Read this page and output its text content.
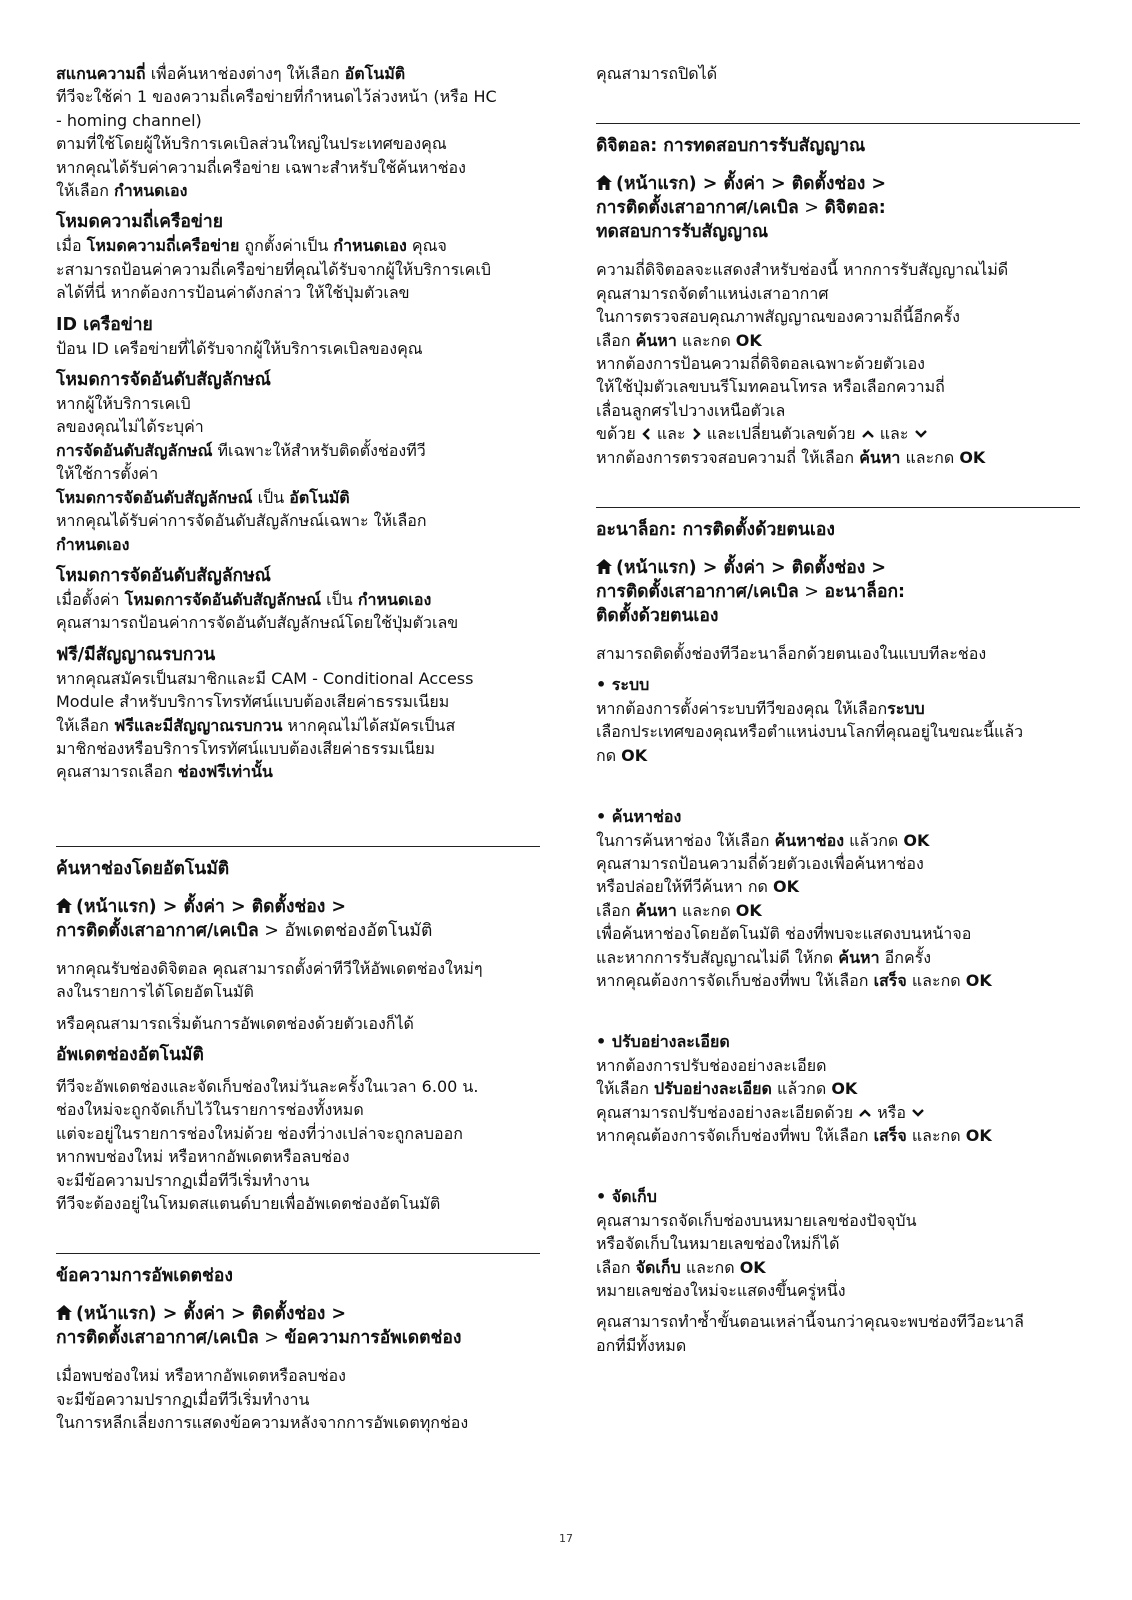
สแกนความถี่ เพื่อค้นหาช่องต่างๆ ให้เลือก อัตโนมัติ

ทีวีจะใช้ค่า 1 ของความถี่เครือข่ายที่กำหนดไว้ล่วงหน้า (หรือ HC

- homing channel)

ตามที่ใช้โดยผู้ให้บริการเคเบิลส่วนใหญ่ในประเทศของคุณ

หากคุณได้รับค่าความถี่เครือข่าย เฉพาะสำหรับใช้ค้นหาช่อง

ให้เลือก กำหนดเอง

โหมดความถี่เครือข่าย

เมื่อ โหมดความถี่เครือข่าย ถูกตั้งค่าเป็น กำหนดเอง คุณจ

ะสามารถป้อนค่าความถี่เครือข่ายที่คุณได้รับจากผู้ให้บริการเคเบิ

ลได้ที่นี่ หากต้องการป้อนค่าดังกล่าว ให้ใช้ปุ่มตัวเลข

ID เครือข่าย

ป้อน ID เครือข่ายที่ได้รับจากผู้ให้บริการเคเบิลของคุณ

โหมดการจัดอันดับสัญลักษณ์

หากผู้ให้บริการเคเบิ

ลของคุณไม่ได้ระบุค่า

การจัดอันดับสัญลักษณ์ ทีเฉพาะให้สำหรับติดตั้งช่องทีวี

ให้ใช้การตั้งค่า

โหมดการจัดอันดับสัญลักษณ์ เป็น อัตโนมัติ

หากคุณได้รับค่าการจัดอันดับสัญลักษณ์เฉพาะ ให้เลือก

กำหนดเอง

โหมดการจัดอันดับสัญลักษณ์

เมื่อตั้งค่า โหมดการจัดอันดับสัญลักษณ์ เป็น กำหนดเอง

คุณสามารถป้อนค่าการจัดอันดับสัญลักษณ์โดยใช้ปุ่มตัวเลข

ฟรี/มีสัญญาณรบกวน

หากคุณสมัครเป็นสมาชิกและมี CAM - Conditional Access

Module สำหรับบริการโทรทัศน์แบบต้องเสียค่าธรรมเนียม

ให้เลือก ฟรีและมีสัญญาณรบกวน หากคุณไม่ได้สมัครเป็นส

มาชิกช่องหรือบริการโทรทัศน์แบบต้องเสียค่าธรรมเนียม

คุณสามารถเลือก ช่องฟรีเท่านั้น

ค้นหาช่องโดยอัตโนมัติ

(หน้าแรก) > ตั้งค่า > ติดตั้งช่อง >

การติดตั้งเสาอากาศ/เคเบิล > อัพเดตช่องอัตโนมัติ

หากคุณรับช่องดิจิตอล คุณสามารถตั้งค่าทีวีให้อัพเดตช่องใหม่ๆ

ลงในรายการได้โดยอัตโนมัติ

หรือคุณสามารถเริ่มต้นการอัพเดตช่องด้วยตัวเองก็ได้

อัพเดตช่องอัตโนมัติ

ทีวีจะอัพเดตช่องและจัดเก็บช่องใหม่วันละครั้งในเวลา 6.00 น.

ช่องใหม่จะถูกจัดเก็บไว้ในรายการช่องทั้งหมด

แต่จะอยู่ในรายการช่องใหม่ด้วย ช่องที่ว่างเปล่าจะถูกลบออก

หากพบช่องใหม่ หรือหากอัพเดตหรือลบช่อง

จะมีข้อความปรากฏเมื่อทีวีเริ่มทำงาน

ทีวีจะต้องอยู่ในโหมดสแตนด์บายเพื่ออัพเดตช่องอัตโนมัติ

ข้อความการอัพเดตช่อง

(หน้าแรก) > ตั้งค่า > ติดตั้งช่อง >

การติดตั้งเสาอากาศ/เคเบิล > ข้อความการอัพเดตช่อง

เมื่อพบช่องใหม่ หรือหากอัพเดตหรือลบช่อง

จะมีข้อความปรากฏเมื่อทีวีเริ่มทำงาน

ในการหลีกเลี่ยงการแสดงข้อความหลังจากการอัพเดตทุกช่อง

คุณสามารถปิดได้

ดิจิตอล: การทดสอบการรับสัญญาณ

(หน้าแรก) > ตั้งค่า > ติดตั้งช่อง >

การติดตั้งเสาอากาศ/เคเบิล > ดิจิตอล:

ทดสอบการรับสัญญาณ

ความถี่ดิจิตอลจะแสดงสำหรับช่องนี้ หากการรับสัญญาณไม่ดี

คุณสามารถจัดตำแหน่งเสาอากาศ

ในการตรวจสอบคุณภาพสัญญาณของความถี่นี้อีกครั้ง

เลือก ค้นหา และกด OK

หากต้องการป้อนความถี่ดิจิตอลเฉพาะด้วยตัวเอง

ให้ใช้ปุ่มตัวเลขบนรีโมทคอนโทรล หรือเลือกความถี่

เลื่อนลูกศรไปวางเหนือตัวเล

ขด้วย  และ  และเปลี่ยนตัวเลขด้วย  และ

หากต้องการตรวจสอบความถี่ ให้เลือก ค้นหา และกด OK

อะนาล็อก: การติดตั้งด้วยตนเอง

(หน้าแรก) > ตั้งค่า > ติดตั้งช่อง >

การติดตั้งเสาอากาศ/เคเบิล > อะนาล็อก:

ติดตั้งด้วยตนเอง

สามารถติดตั้งช่องทีวีอะนาล็อกด้วยตนเองในแบบทีละช่อง

• ระบบ

หากต้องการตั้งค่าระบบทีวีของคุณ ให้เลือกระบบ

เลือกประเทศของคุณหรือตำแหน่งบนโลกที่คุณอยู่ในขณะนี้แล้ว

กด OK

• ค้นหาช่อง

ในการค้นหาช่อง ให้เลือก ค้นหาช่อง แล้วกด OK

คุณสามารถป้อนความถี่ด้วยตัวเองเพื่อค้นหาช่อง

หรือปล่อยให้ทีวีค้นหา กด OK

เลือก ค้นหา และกด OK

เพื่อค้นหาช่องโดยอัตโนมัติ ช่องที่พบจะแสดงบนหน้าจอ

และหากการรับสัญญาณไม่ดี ให้กด ค้นหา อีกครั้ง

หากคุณต้องการจัดเก็บช่องที่พบ ให้เลือก เสร็จ และกด OK

• ปรับอย่างละเอียด

หากต้องการปรับช่องอย่างละเอียด

ให้เลือก ปรับอย่างละเอียด แล้วกด OK

คุณสามารถปรับช่องอย่างละเอียดด้วย  หรือ

หากคุณต้องการจัดเก็บช่องที่พบ ให้เลือก เสร็จ และกด OK

• จัดเก็บ

คุณสามารถจัดเก็บช่องบนหมายเลขช่องปัจจุบัน

หรือจัดเก็บในหมายเลขช่องใหม่ก็ได้

เลือก จัดเก็บ และกด OK

หมายเลขช่องใหม่จะแสดงขึ้นครู่หนึ่ง

คุณสามารถทำซ้ำขั้นตอนเหล่านี้จนกว่าคุณจะพบช่องทีวีอะนาลี

อกที่มีทั้งหมด

17
